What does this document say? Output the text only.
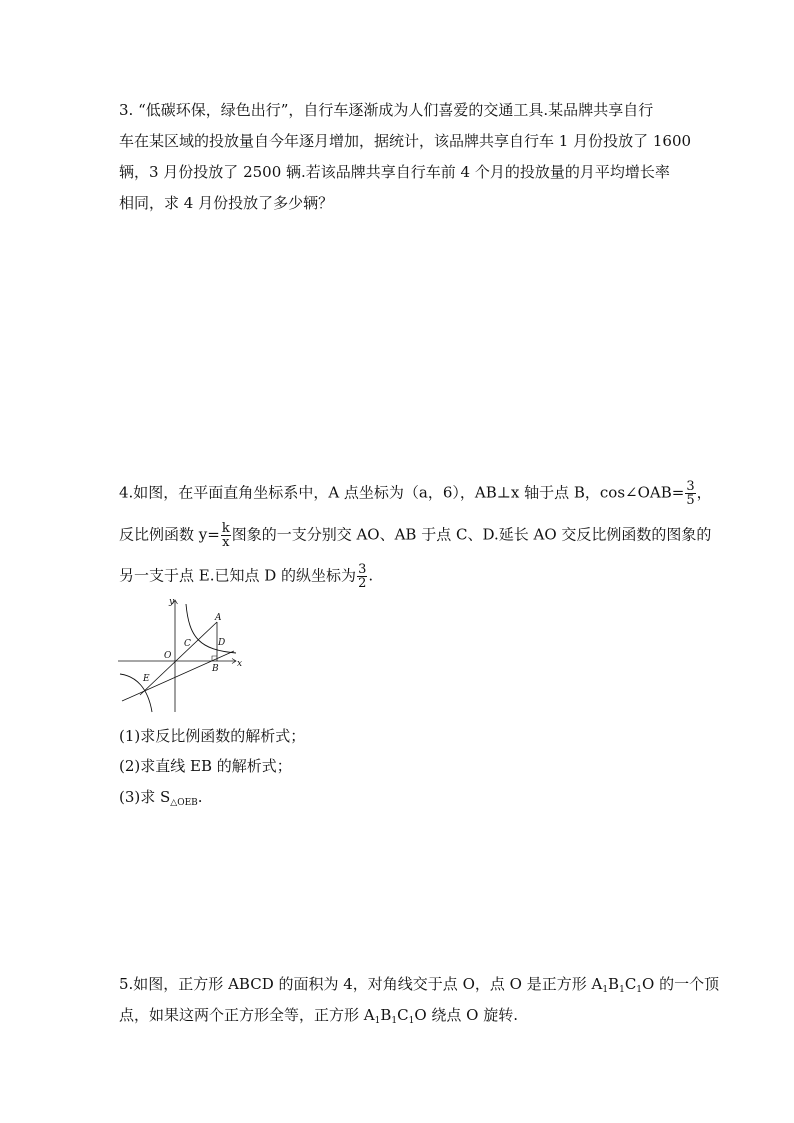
3. “低碳环保，绿色出行”，自行车逐渐成为人们喜爱的交通工具.某品牌共享自行
车在某区域的投放量自今年逐月增加，据统计，该品牌共享自行车 1 月份投放了 1600
辆，3 月份投放了 2500 辆.若该品牌共享自行车前 4 个月的投放量的月平均增长率
相同，求 4 月份投放了多少辆？
4.如图，在平面直角坐标系中，A 点坐标为（a，6），AB⊥x 轴于点 B，cos∠OAB= $\frac{3}{5}$ ，
反比例函数 $y= \frac{k}{x}$ 图象的一支分别交 AO、AB 于点 C、D.延长 AO 交反比例函数的图象的
另一支于点 E.已知点 D 的纵坐标为 $\frac{3}{2}$ .
y
x
A
C	D
O
B
E
(1)求反比例函数的解析式；
(2)求直线 EB 的解析式；
(3)求 $S_{\triangle OEB}$.
5.如图，正方形 ABCD 的面积为 4，对角线交于点 O，点 O 是正方形 $A_1B_1C_1O$ 的一个顶
点，如果这两个正方形全等，正方形 $A_1B_1C_1O$ 绕点 O 旋转.
